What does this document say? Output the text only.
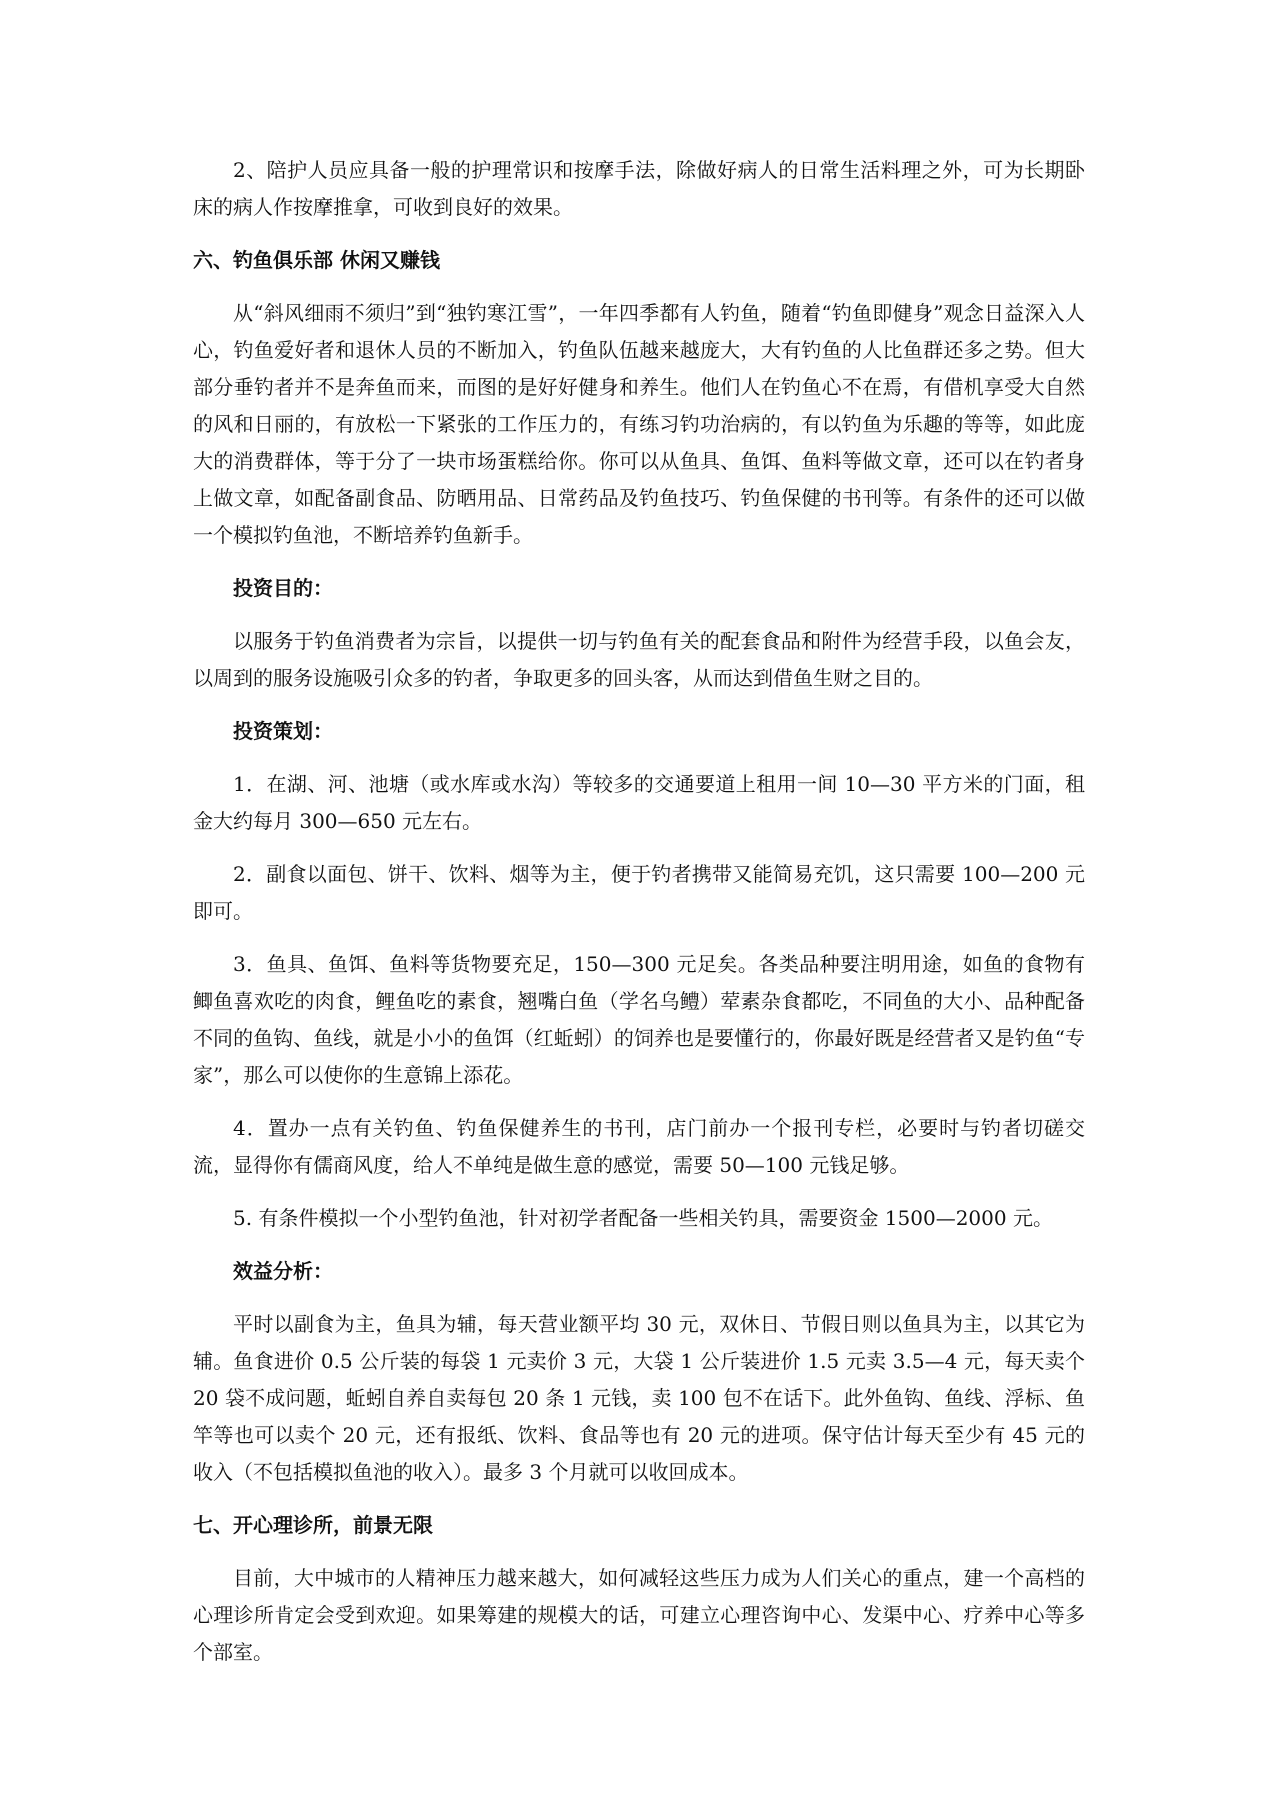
2、陪护人员应具备一般的护理常识和按摩手法，除做好病人的日常生活料理之外，可为长期卧床的病人作按摩推拿，可收到良好的效果。

六、钓鱼俱乐部 休闲又赚钱

从“斜风细雨不须归”到“独钓寒江雪”，一年四季都有人钓鱼，随着“钓鱼即健身”观念日益深入人心，钓鱼爱好者和退休人员的不断加入，钓鱼队伍越来越庞大，大有钓鱼的人比鱼群还多之势。但大部分垂钓者并不是奔鱼而来，而图的是好好健身和养生。他们人在钓鱼心不在焉，有借机享受大自然的风和日丽的，有放松一下紧张的工作压力的，有练习钓功治病的，有以钓鱼为乐趣的等等，如此庞大的消费群体，等于分了一块市场蛋糕给你。你可以从鱼具、鱼饵、鱼料等做文章，还可以在钓者身上做文章，如配备副食品、防晒用品、日常药品及钓鱼技巧、钓鱼保健的书刊等。有条件的还可以做一个模拟钓鱼池，不断培养钓鱼新手。

投资目的：

以服务于钓鱼消费者为宗旨，以提供一切与钓鱼有关的配套食品和附件为经营手段，以鱼会友，以周到的服务设施吸引众多的钓者，争取更多的回头客，从而达到借鱼生财之目的。

投资策划：

1．在湖、河、池塘（或水库或水沟）等较多的交通要道上租用一间 10—30 平方米的门面，租金大约每月 300—650 元左右。

2．副食以面包、饼干、饮料、烟等为主，便于钓者携带又能简易充饥，这只需要 100—200 元即可。

3．鱼具、鱼饵、鱼料等货物要充足，150—300 元足矣。各类品种要注明用途，如鱼的食物有鲫鱼喜欢吃的肉食，鲤鱼吃的素食，翘嘴白鱼（学名乌鳢）荤素杂食都吃，不同鱼的大小、品种配备不同的鱼钩、鱼线，就是小小的鱼饵（红蚯蚓）的饲养也是要懂行的，你最好既是经营者又是钓鱼“专家”，那么可以使你的生意锦上添花。

4．置办一点有关钓鱼、钓鱼保健养生的书刊，店门前办一个报刊专栏，必要时与钓者切磋交流，显得你有儒商风度，给人不单纯是做生意的感觉，需要 50—100 元钱足够。

5. 有条件模拟一个小型钓鱼池，针对初学者配备一些相关钓具，需要资金 1500—2000 元。

效益分析：

平时以副食为主，鱼具为辅，每天营业额平均 30 元，双休日、节假日则以鱼具为主，以其它为辅。鱼食进价 0.5 公斤装的每袋 1 元卖价 3 元，大袋 1 公斤装进价 1.5 元卖 3.5—4 元，每天卖个 20 袋不成问题，蚯蚓自养自卖每包 20 条 1 元钱，卖 100 包不在话下。此外鱼钩、鱼线、浮标、鱼竿等也可以卖个 20 元，还有报纸、饮料、食品等也有 20 元的进项。保守估计每天至少有 45 元的收入（不包括模拟鱼池的收入）。最多 3 个月就可以收回成本。

七、开心理诊所，前景无限

目前，大中城市的人精神压力越来越大，如何减轻这些压力成为人们关心的重点，建一个高档的心理诊所肯定会受到欢迎。如果筹建的规模大的话，可建立心理咨询中心、发渠中心、疗养中心等多个部室。
